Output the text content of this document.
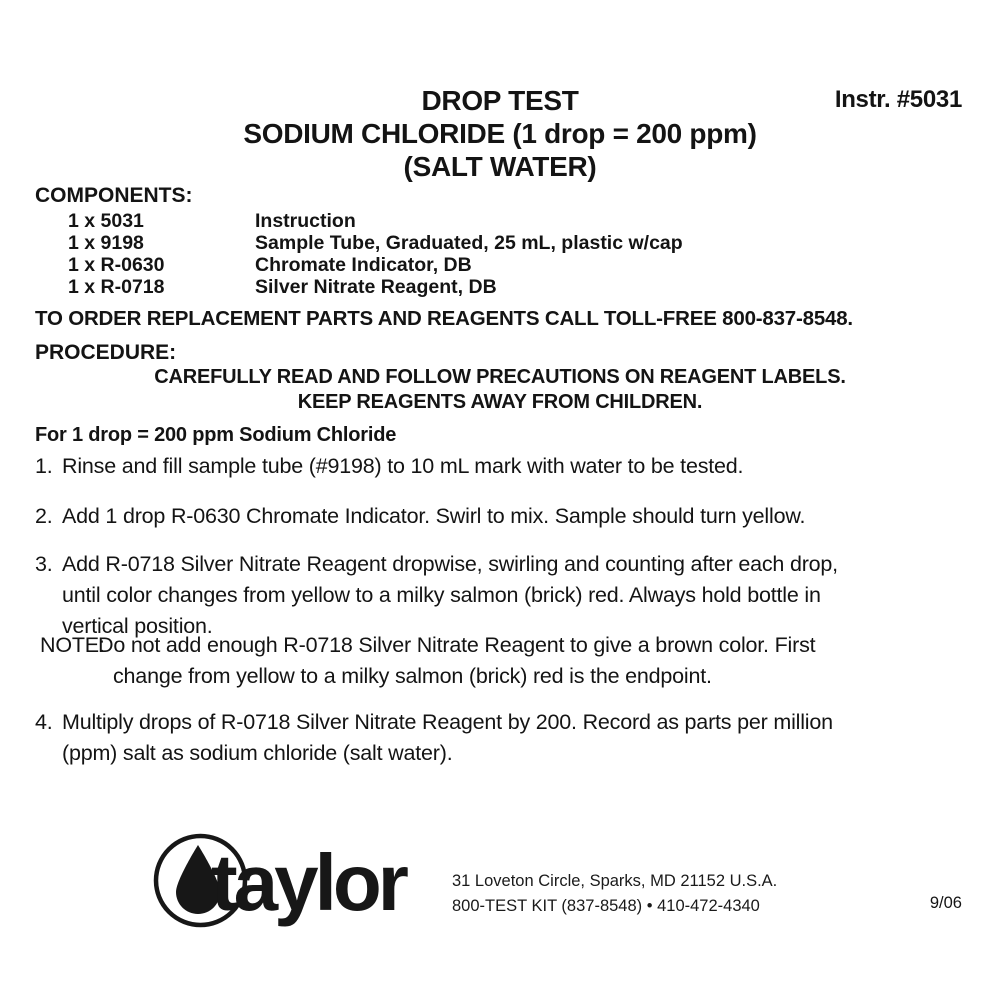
Instr. #5031
DROP TEST
SODIUM CHLORIDE (1 drop = 200 ppm)
(SALT WATER)
COMPONENTS:
1 x 5031	Instruction
1 x 9198	Sample Tube, Graduated, 25 mL, plastic w/cap
1 x R-0630	Chromate Indicator, DB
1 x R-0718	Silver Nitrate Reagent, DB
TO ORDER REPLACEMENT PARTS AND REAGENTS CALL TOLL-FREE 800-837-8548.
PROCEDURE:
CAREFULLY READ AND FOLLOW PRECAUTIONS ON REAGENT LABELS.
KEEP REAGENTS AWAY FROM CHILDREN.
For 1 drop = 200 ppm Sodium Chloride
1. Rinse and fill sample tube (#9198) to 10 mL mark with water to be tested.
2. Add 1 drop R-0630 Chromate Indicator. Swirl to mix. Sample should turn yellow.
3. Add R-0718 Silver Nitrate Reagent dropwise, swirling and counting after each drop,
until color changes from yellow to a milky salmon (brick) red. Always hold bottle in
vertical position.
NOTE:
Do not add enough R-0718 Silver Nitrate Reagent to give a brown color. First
change from yellow to a milky salmon (brick) red is the endpoint.
4. Multiply drops of R-0718 Silver Nitrate Reagent by 200. Record as parts per million
(ppm) salt as sodium chloride (salt water).
taylor	31 Loveton Circle, Sparks, MD 21152 U.S.A.
800-TEST KIT (837-8548) • 410-472-4340	9/06
